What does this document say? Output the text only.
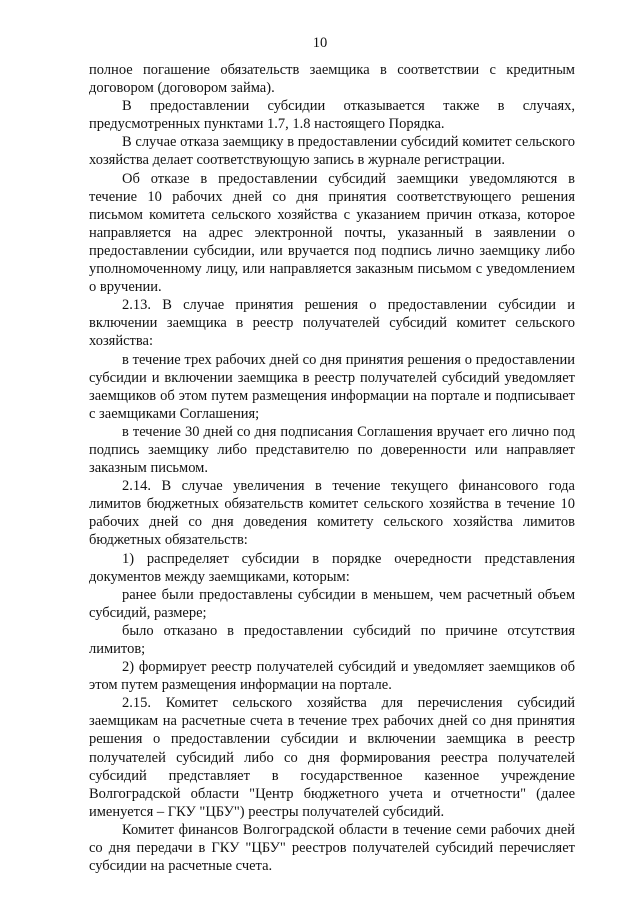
10

полное погашение обязательств заемщика в соответствии с кредитным договором (договором займа).

В предоставлении субсидии отказывается также в случаях, предусмотренных пунктами 1.7, 1.8 настоящего Порядка.

В случае отказа заемщику в предоставлении субсидий комитет сельского хозяйства делает соответствующую запись в журнале регистрации.

Об отказе в предоставлении субсидий заемщики уведомляются в течение 10 рабочих дней со дня принятия соответствующего решения письмом комитета сельского хозяйства с указанием причин отказа, которое направляется на адрес электронной почты, указанный в заявлении о предоставлении субсидии, или вручается под подпись лично заемщику либо уполномоченному лицу, или направляется заказным письмом с уведомлением о вручении.

2.13. В случае принятия решения о предоставлении субсидии и включении заемщика в реестр получателей субсидий комитет сельского хозяйства:

в течение трех рабочих дней со дня принятия решения о предоставлении субсидии и включении заемщика в реестр получателей субсидий уведомляет заемщиков об этом путем размещения информации на портале и подписывает с заемщиками Соглашения;

в течение 30 дней со дня подписания Соглашения вручает его лично под подпись заемщику либо представителю по доверенности или направляет заказным письмом.

2.14. В случае увеличения в течение текущего финансового года лимитов бюджетных обязательств комитет сельского хозяйства в течение 10 рабочих дней со дня доведения комитету сельского хозяйства лимитов бюджетных обязательств:

1) распределяет субсидии в порядке очередности представления документов между заемщиками, которым:

ранее были предоставлены субсидии в меньшем, чем расчетный объем субсидий, размере;

было отказано в предоставлении субсидий по причине отсутствия лимитов;

2) формирует реестр получателей субсидий и уведомляет заемщиков об этом путем размещения информации на портале.

2.15. Комитет сельского хозяйства для перечисления субсидий заемщикам на расчетные счета в течение трех рабочих дней со дня принятия решения о предоставлении субсидии и включении заемщика в реестр получателей субсидий либо со дня формирования реестра получателей субсидий представляет в государственное казенное учреждение Волгоградской области "Центр бюджетного учета и отчетности" (далее именуется – ГКУ "ЦБУ") реестры получателей субсидий.

Комитет финансов Волгоградской области в течение семи рабочих дней со дня передачи в ГКУ "ЦБУ" реестров получателей субсидий перечисляет субсидии на расчетные счета.
